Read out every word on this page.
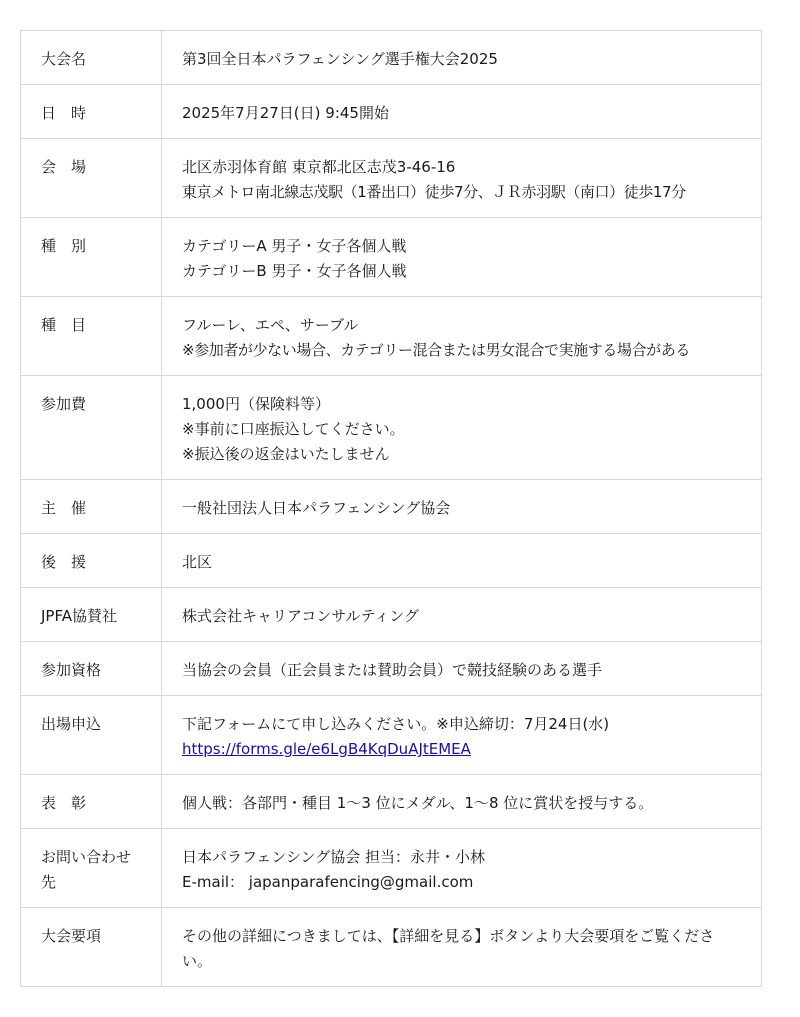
大会名	第3回全日本パラフェンシング選手権大会2025

日　時	2025年7月27日(日) 9:45開始

会　場	北区赤羽体育館 東京都北区志茂3-46-16
東京メトロ南北線志茂駅（1番出口）徒歩7分、ＪＲ赤羽駅（南口）徒歩17分

種　別	カテゴリーA 男子・女子各個人戦
カテゴリーB 男子・女子各個人戦

種　目	フルーレ、エペ、サーブル
※参加者が少ない場合、カテゴリー混合または男女混合で実施する場合がある

参加費	1,000円（保険料等）
※事前に口座振込してください。
※振込後の返金はいたしません

主　催	一般社団法人日本パラフェンシング協会

後　援	北区

JPFA協賛社	株式会社キャリアコンサルティング

参加資格	当協会の会員（正会員または賛助会員）で競技経験のある選手

出場申込	下記フォームにて申し込みください。※申込締切：7月24日(水)
https://forms.gle/e6LgB4KqDuAJtEMEA

表　彰	個人戦：各部門・種目 1～3 位にメダル、1～8 位に賞状を授与する。

お問い合わせ先	日本パラフェンシング協会 担当：永井・小林
E-mail： japanparafencing@gmail.com

大会要項	その他の詳細につきましては、【詳細を見る】ボタンより大会要項をご覧ください。
